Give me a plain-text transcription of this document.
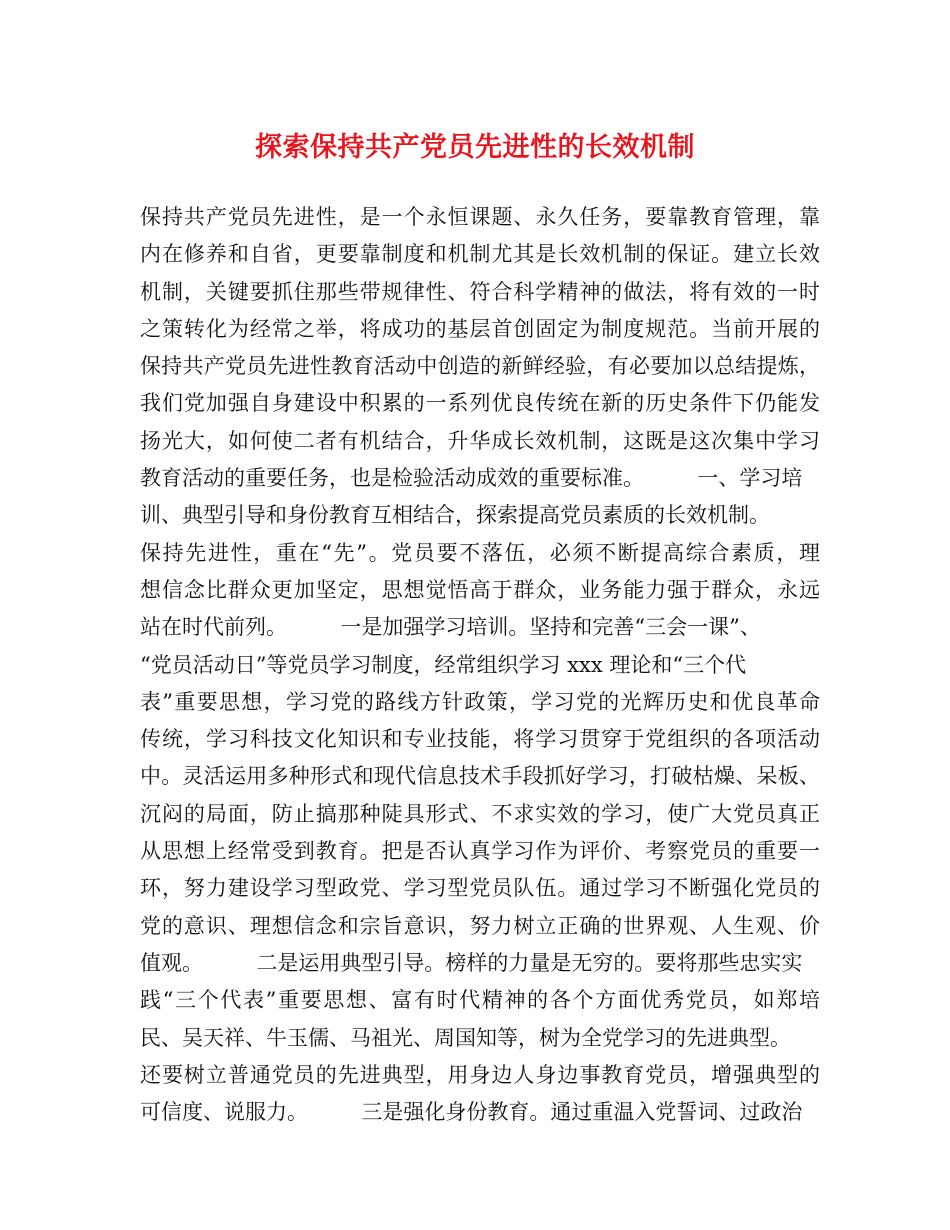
探索保持共产党员先进性的长效机制
保持共产党员先进性，是一个永恒课题、永久任务，要靠教育管理，靠
内在修养和自省，更要靠制度和机制尤其是长效机制的保证。建立长效
机制，关键要抓住那些带规律性、符合科学精神的做法，将有效的一时
之策转化为经常之举，将成功的基层首创固定为制度规范。当前开展的
保持共产党员先进性教育活动中创造的新鲜经验，有必要加以总结提炼，
我们党加强自身建设中积累的一系列优良传统在新的历史条件下仍能发
扬光大，如何使二者有机结合，升华成长效机制，这既是这次集中学习
教育活动的重要任务，也是检验活动成效的重要标准。        一、学习培
训、典型引导和身份教育互相结合，探索提高党员素质的长效机制。
保持先进性，重在“先”。党员要不落伍，必须不断提高综合素质，理
想信念比群众更加坚定，思想觉悟高于群众，业务能力强于群众，永远
站在时代前列。        一是加强学习培训。坚持和完善“三会一课”、
“党员活动日”等党员学习制度，经常组织学习 xxx 理论和“三个代
表”重要思想，学习党的路线方针政策，学习党的光辉历史和优良革命
传统，学习科技文化知识和专业技能，将学习贯穿于党组织的各项活动
中。灵活运用多种形式和现代信息技术手段抓好学习，打破枯燥、呆板、
沉闷的局面，防止搞那种陡具形式、不求实效的学习，使广大党员真正
从思想上经常受到教育。把是否认真学习作为评价、考察党员的重要一
环，努力建设学习型政党、学习型党员队伍。通过学习不断强化党员的
党的意识、理想信念和宗旨意识，努力树立正确的世界观、人生观、价
值观。        二是运用典型引导。榜样的力量是无穷的。要将那些忠实实
践“三个代表”重要思想、富有时代精神的各个方面优秀党员，如郑培
民、吴天祥、牛玉儒、马祖光、周国知等，树为全党学习的先进典型。
还要树立普通党员的先进典型，用身边人身边事教育党员，增强典型的
可信度、说服力。        三是强化身份教育。通过重温入党誓词、过政治
